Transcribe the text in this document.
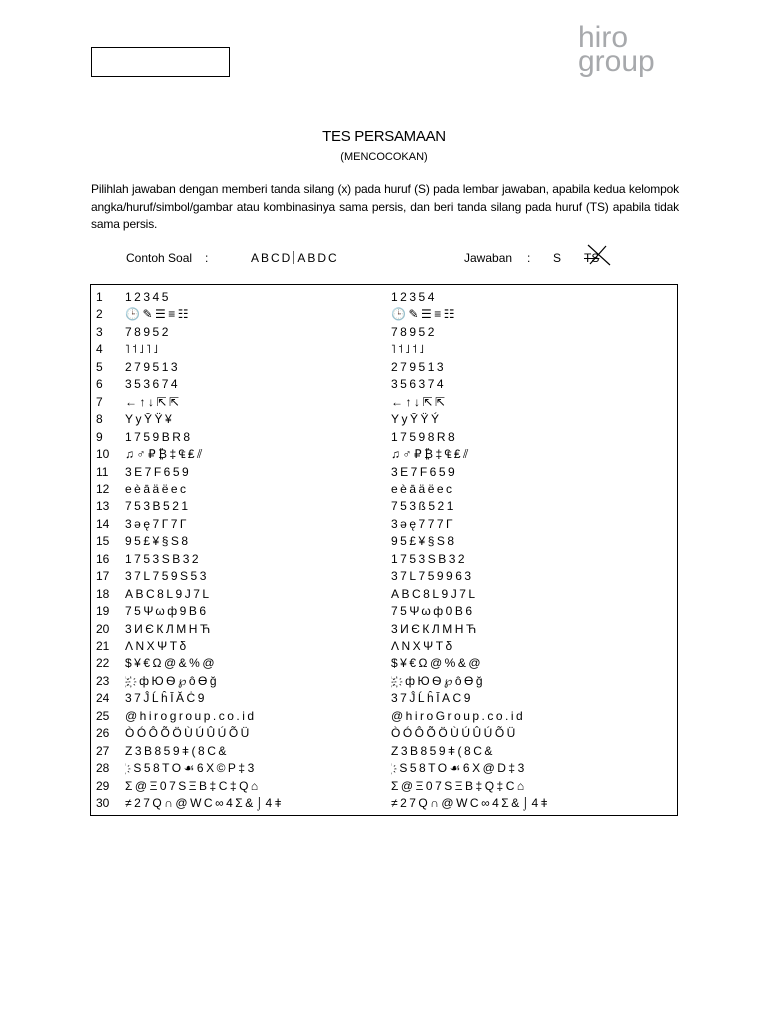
hiro
group
TES PERSAMAAN
(MENCOCOKAN)
Pilihlah jawaban dengan memberi tanda silang (x) pada huruf (S) pada lembar jawaban, apabila kedua kelompok angka/huruf/simbol/gambar atau kombinasinya sama persis, dan beri tanda silang pada huruf (TS) apabila tidak sama persis.
Contoh Soal :	ABCD ABDC	Jawaban : S TS
1	12345	12354
2	🕒✎☰≡☷	🕒✎☰≡☷
3	78952	78952
4	˥˦˩˥˩	˥˦˩˦˩
5	279513	279513
6	353674	356374
7	←↑↓⇱⇱	←↑↓⇱⇱
8	YyȲŸ¥	YyȲŸÝ
9	1759BR8	17598R8
10	♫♂₽₿‡₠₤⫽	♫♂₽₿‡₠₤⫽
11	3E7F659	3E7F659
12	eèāäëec	eèāäëec
13	753B521	753ß521
14	3əę7Г7Г	3əę777Г
15	95£¥§S8	95£¥§S8
16	1753SB32	1753SB32
17	37L759S53	37L759963
18	ABC8L9J7L	ABC8L9J7L
19	75Ψωф9B6	75Ψωф0B6
20	3ИЄКЛМНЋ	3ИЄКЛМНЋ
21	ΛΝΧΨΤδ	ΛΝΧΨΤδ
22	$¥€Ω@&%@	$¥€Ω@%&@
23	҉ ҉ фЮѲ℘ôϴğ	҉ ҉ фЮѲ℘ôϴğ
24	37ĴĹĥĪĂĊ9	37ĴĹĥĪAC9
25	@hirogroup.co.id	@hiroGroup.co.id
26	ÒÓÔÕÖÙÚÛÚÕÜ	ÒÓÔÕÖÙÚÛÚÕÜ
27	Z3B859ǂ(8C&	Z3B859ǂ(8C&
28	҉ S58TO☙6X©P‡3	҉ S58TO☙6X@D‡3
29	Σ@Ξ07SΞB‡C‡Q⌂	Σ@Ξ07SΞB‡Q‡C⌂
30	≠27Q∩@WC∞4Σ&⌡4ǂ	≠27Q∩@WC∞4Σ&⌡4ǂ
